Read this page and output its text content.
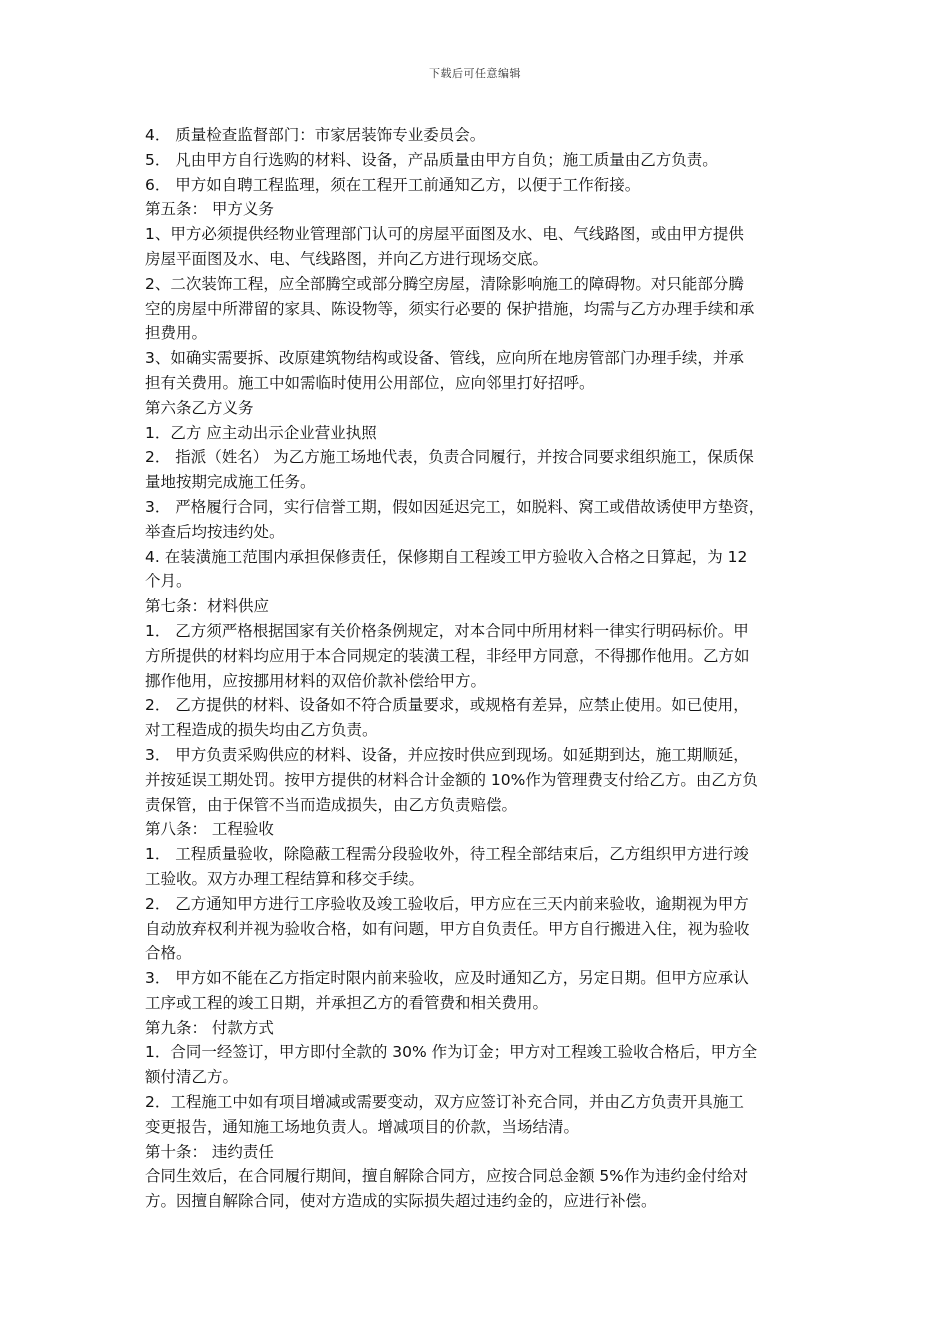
下载后可任意编辑
4． 质量检查监督部门：市家居装饰专业委员会。
5． 凡由甲方自行选购的材料、设备，产品质量由甲方自负；施工质量由乙方负责。
6． 甲方如自聘工程监理，须在工程开工前通知乙方，以便于工作衔接。
第五条： 甲方义务
1、甲方必须提供经物业管理部门认可的房屋平面图及水、电、气线路图，或由甲方提供
房屋平面图及水、电、气线路图，并向乙方进行现场交底。
2、二次装饰工程，应全部腾空或部分腾空房屋，清除影响施工的障碍物。对只能部分腾
空的房屋中所滞留的家具、陈设物等，须实行必要的 保护措施，均需与乙方办理手续和承
担费用。
3、如确实需要拆、改原建筑物结构或设备、管线，应向所在地房管部门办理手续，并承
担有关费用。施工中如需临时使用公用部位，应向邻里打好招呼。
第六条乙方义务
1．乙方 应主动出示企业营业执照
2． 指派（姓名） 为乙方施工场地代表，负责合同履行，并按合同要求组织施工，保质保
量地按期完成施工任务。
3． 严格履行合同，实行信誉工期，假如因延迟完工，如脱料、窝工或借故诱使甲方垫资，
举查后均按违约处。
4. 在装潢施工范围内承担保修责任，保修期自工程竣工甲方验收入合格之日算起，为 12
个月。
第七条：材料供应
1． 乙方须严格根据国家有关价格条例规定，对本合同中所用材料一律实行明码标价。甲
方所提供的材料均应用于本合同规定的装潢工程，非经甲方同意，不得挪作他用。乙方如
挪作他用，应按挪用材料的双倍价款补偿给甲方。
2． 乙方提供的材料、设备如不符合质量要求，或规格有差异，应禁止使用。如已使用，
对工程造成的损失均由乙方负责。
3． 甲方负责采购供应的材料、设备，并应按时供应到现场。如延期到达，施工期顺延，
并按延误工期处罚。按甲方提供的材料合计金额的 10%作为管理费支付给乙方。由乙方负
责保管，由于保管不当而造成损失，由乙方负责赔偿。
第八条： 工程验收
1． 工程质量验收，除隐蔽工程需分段验收外，待工程全部结束后，乙方组织甲方进行竣
工验收。双方办理工程结算和移交手续。
2． 乙方通知甲方进行工序验收及竣工验收后，甲方应在三天内前来验收，逾期视为甲方
自动放弃权利并视为验收合格，如有问题，甲方自负责任。甲方自行搬进入住，视为验收
合格。
3． 甲方如不能在乙方指定时限内前来验收，应及时通知乙方，另定日期。但甲方应承认
工序或工程的竣工日期，并承担乙方的看管费和相关费用。
第九条： 付款方式
1．合同一经签订，甲方即付全款的 30% 作为订金；甲方对工程竣工验收合格后，甲方全
额付清乙方。
2．工程施工中如有项目增减或需要变动，双方应签订补充合同，并由乙方负责开具施工
变更报告，通知施工场地负责人。增减项目的价款，当场结清。
第十条： 违约责任
合同生效后，在合同履行期间，擅自解除合同方，应按合同总金额 5%作为违约金付给对
方。因擅自解除合同，使对方造成的实际损失超过违约金的，应进行补偿。
